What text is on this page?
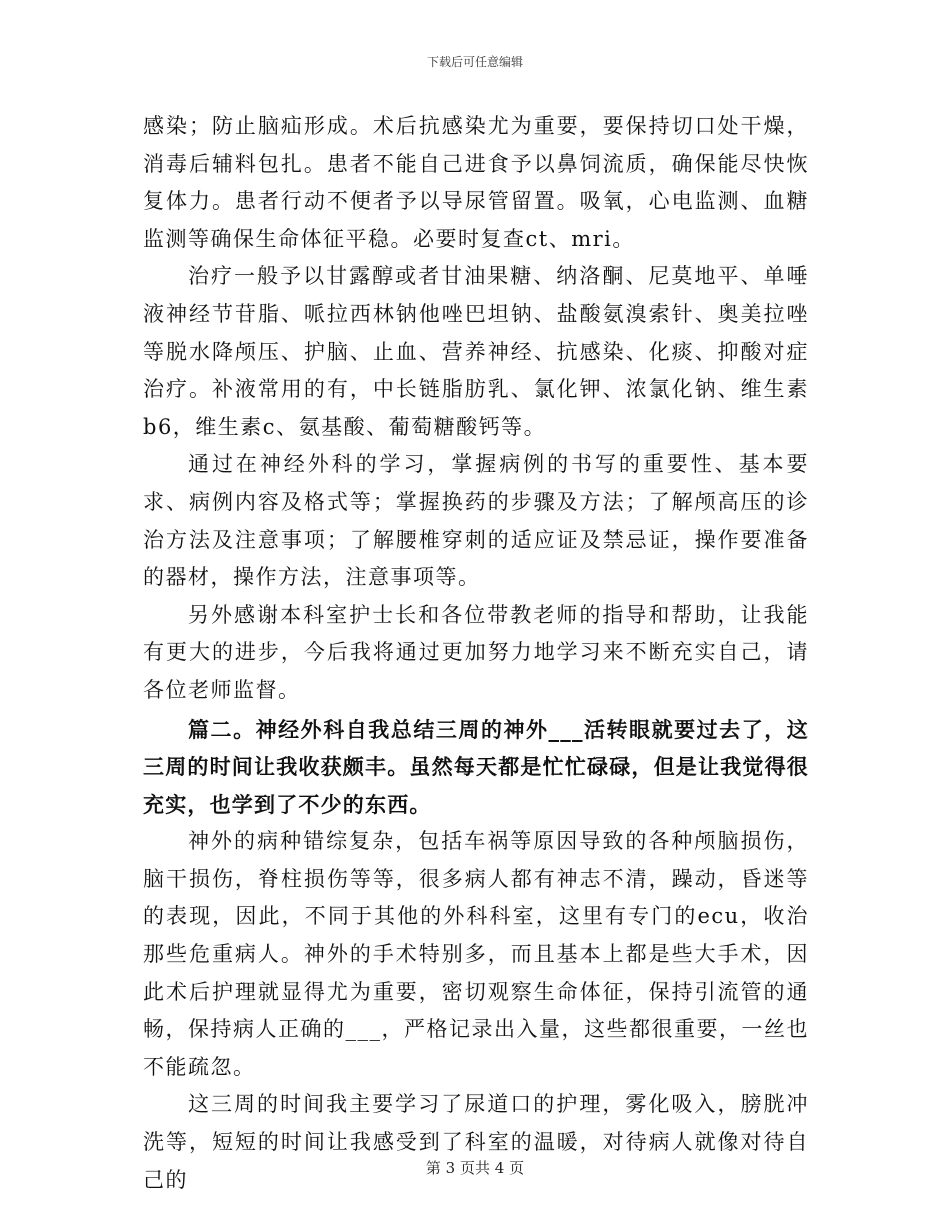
下载后可任意编辑

感染；防止脑疝形成。术后抗感染尤为重要，要保持切口处干燥，消毒后辅料包扎。患者不能自己进食予以鼻饲流质，确保能尽快恢复体力。患者行动不便者予以导尿管留置。吸氧，心电监测、血糖监测等确保生命体征平稳。必要时复查ct、mri。

治疗一般予以甘露醇或者甘油果糖、纳洛酮、尼莫地平、单唾液神经节苷脂、哌拉西林钠他唑巴坦钠、盐酸氨溴索针、奥美拉唑等脱水降颅压、护脑、止血、营养神经、抗感染、化痰、抑酸对症治疗。补液常用的有，中长链脂肪乳、氯化钾、浓氯化钠、维生素b6，维生素c、氨基酸、葡萄糖酸钙等。

通过在神经外科的学习，掌握病例的书写的重要性、基本要求、病例内容及格式等；掌握换药的步骤及方法；了解颅高压的诊治方法及注意事项；了解腰椎穿刺的适应证及禁忌证，操作要准备的器材，操作方法，注意事项等。

另外感谢本科室护士长和各位带教老师的指导和帮助，让我能有更大的进步，今后我将通过更加努力地学习来不断充实自己，请各位老师监督。

篇二。神经外科自我总结三周的神外___活转眼就要过去了，这三周的时间让我收获颇丰。虽然每天都是忙忙碌碌，但是让我觉得很充实，也学到了不少的东西。

神外的病种错综复杂，包括车祸等原因导致的各种颅脑损伤，脑干损伤，脊柱损伤等等，很多病人都有神志不清，躁动，昏迷等的表现，因此，不同于其他的外科科室，这里有专门的ecu，收治那些危重病人。神外的手术特别多，而且基本上都是些大手术，因此术后护理就显得尤为重要，密切观察生命体征，保持引流管的通畅，保持病人正确的___，严格记录出入量，这些都很重要，一丝也不能疏忽。

这三周的时间我主要学习了尿道口的护理，雾化吸入，膀胱冲洗等，短短的时间让我感受到了科室的温暖，对待病人就像对待自己的	第 3 页共 4 页
